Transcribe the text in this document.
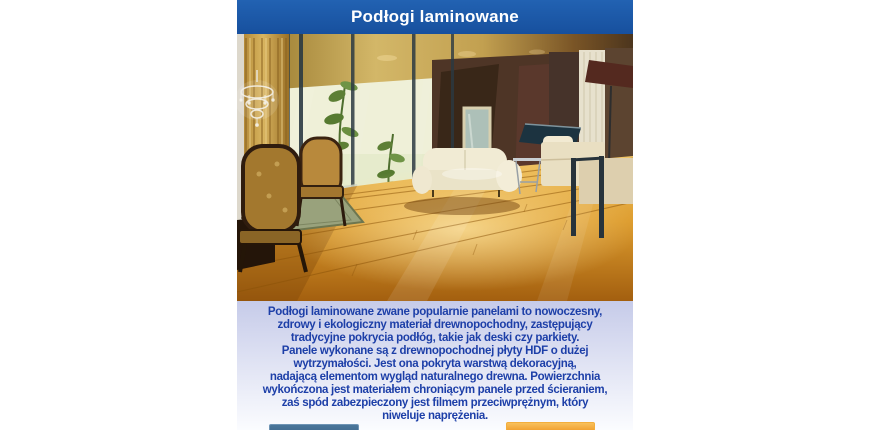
Podłogi laminowane

Podłogi laminowane zwane popularnie panelami to nowoczesny,

zdrowy i ekologiczny materiał drewnopochodny, zastępujący

tradycyjne pokrycia podłóg, takie jak deski czy parkiety.

Panele wykonane są z drewnopochodnej płyty HDF o dużej

wytrzymałości. Jest ona pokryta warstwą dekoracyjną,

nadającą elementom wygląd naturalnego drewna. Powierzchnia

wykończona jest materiałem chroniącym panele przed ścieraniem,

zaś spód zabezpieczony jest filmem przeciwprężnym, który

niweluje naprężenia.
